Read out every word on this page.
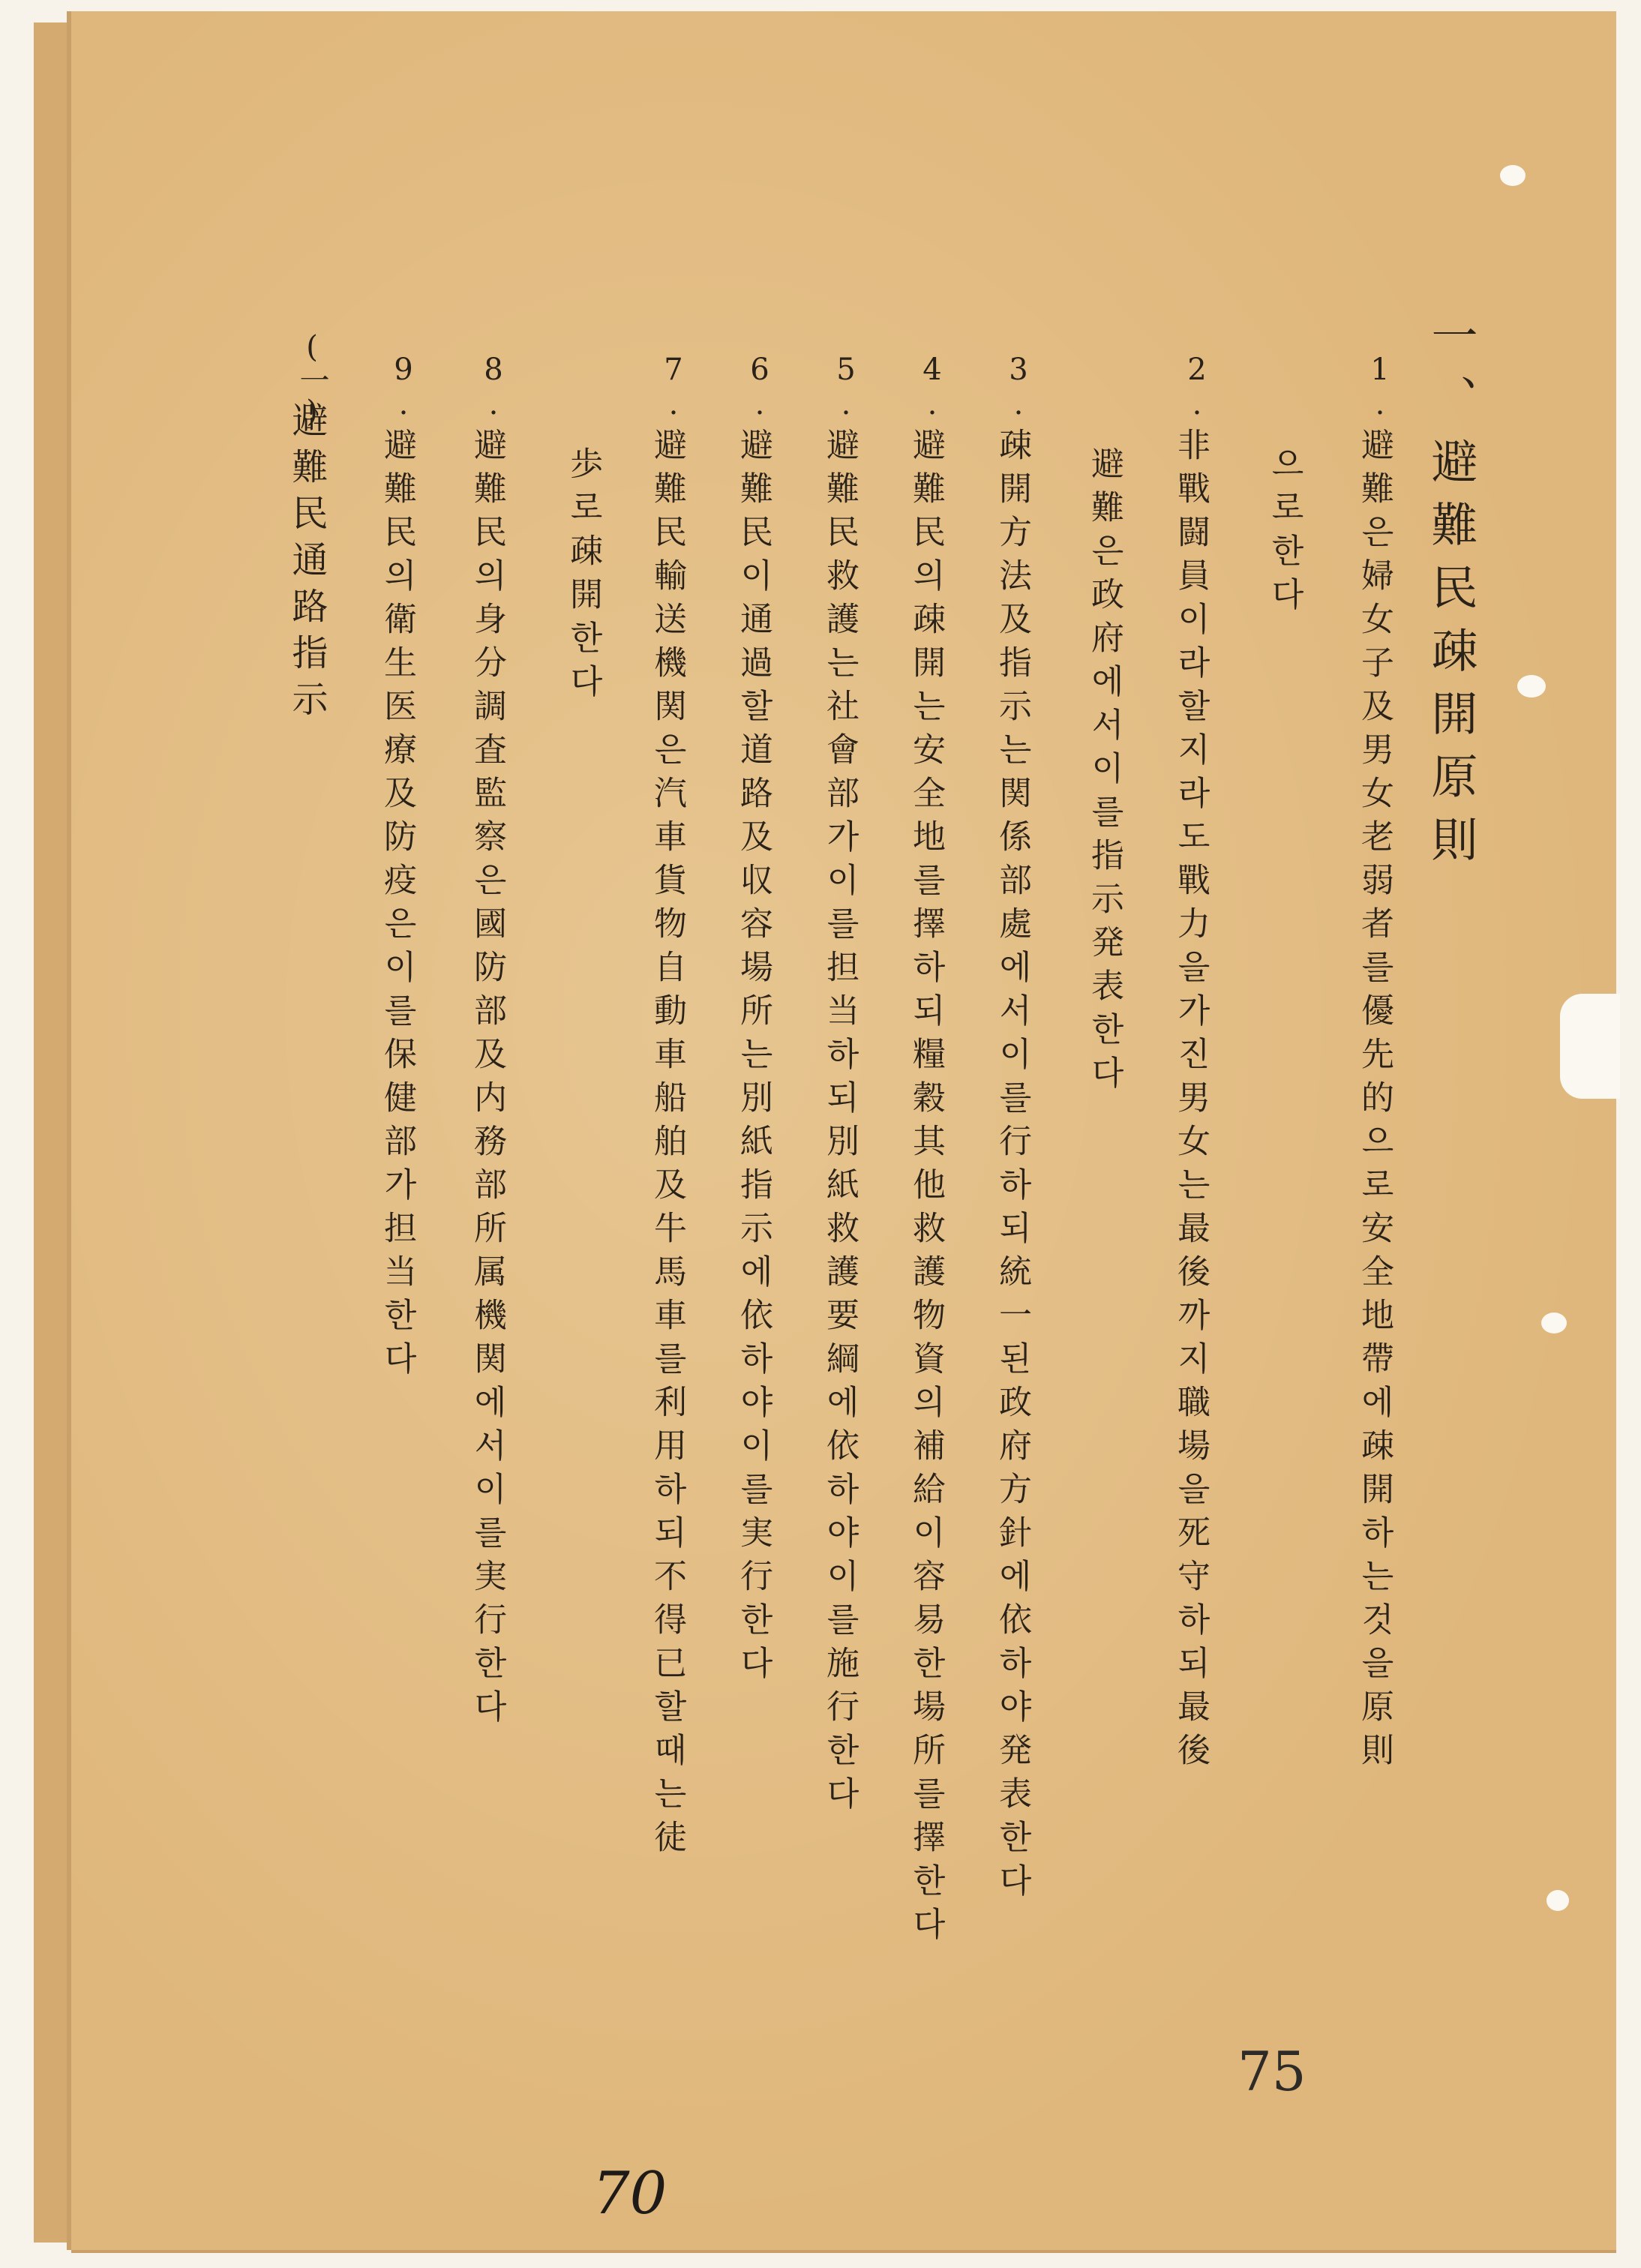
一、避難民疎開原則
1.
避難은婦女子及男女老弱者를優先的으로安全地帶에疎開하는것을原則
으로한다
2.
非戰闘員이라할지라도戰力을가진男女는最後까지職場을死守하되最後
避難은政府에서이를指示発表한다
3.
疎開方法及指示는関係部處에서이를行하되統一된政府方針에依하야発表한다
4.
避難民의疎開는安全地를擇하되糧穀其他救護物資의補給이容易한場所를擇한다
5.
避難民救護는社會部가이를担当하되別紙救護要綱에依하야이를施行한다
6.
避難民이通過할道路及収容場所는別紙指示에依하야이를実行한다
7.
避難民輸送機関은汽車貨物自動車船舶及牛馬車를利用하되不得已할때는徒
歩로疎開한다
8.
避難民의身分調査監察은國防部及内務部所属機関에서이를実行한다
9.
避難民의衛生医療及防疫은이를保健部가担当한다
(一)
避難民通路指示
75
70
